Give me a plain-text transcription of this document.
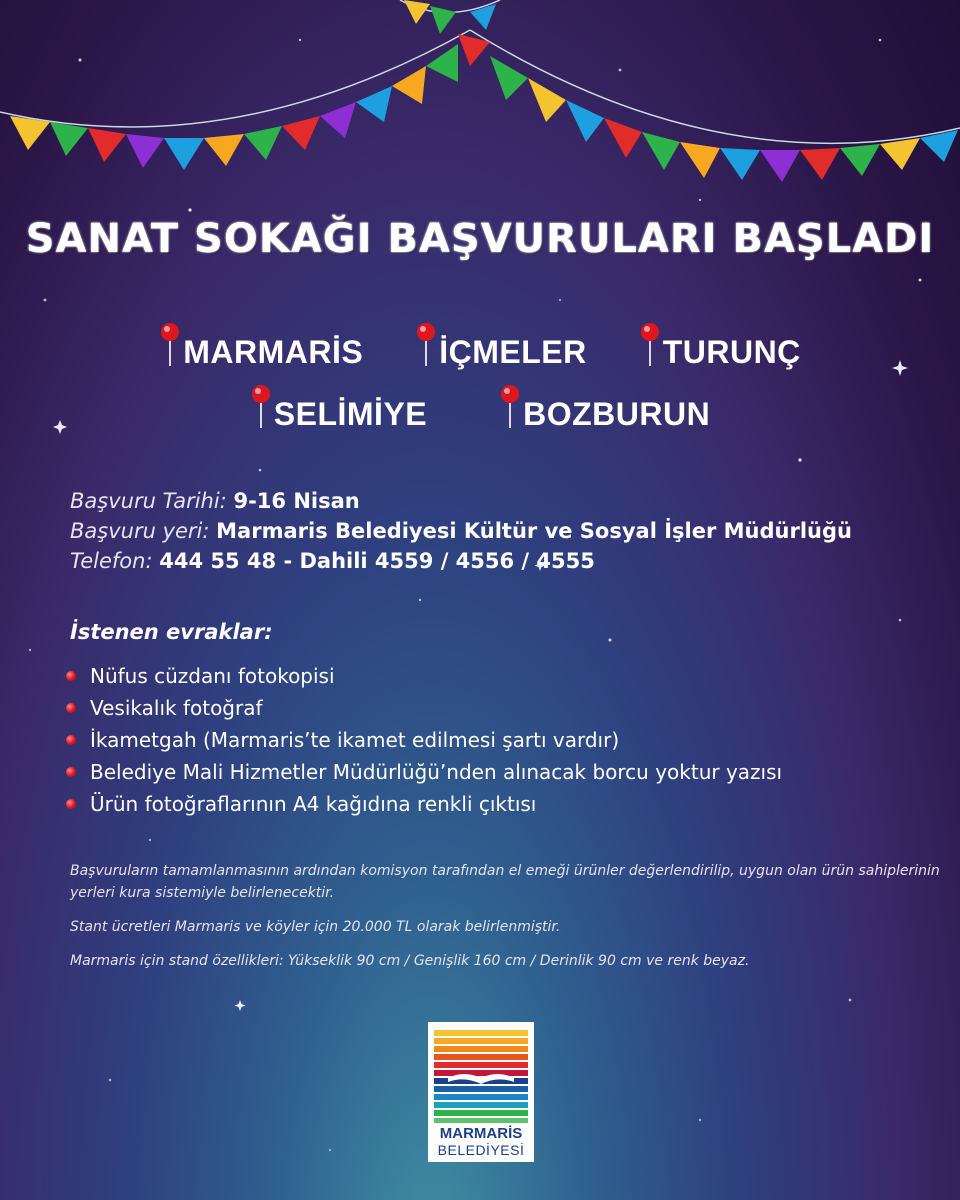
SANAT SOKAĞI BAŞVURULARI BAŞLADI
MARMARİS İÇMELER TURUNÇ
SELİMİYE	BOZBURUN
Başvuru Tarihi: 9-16 Nisan
Başvuru yeri: Marmaris Belediyesi Kültür ve Sosyal İşler Müdürlüğü
Telefon: 444 55 48 - Dahili 4559 / 4556 / 4555
İstenen evraklar:
Nüfus cüzdanı fotokopisi
Vesikalık fotoğraf
İkametgah (Marmaris’te ikamet edilmesi şartı vardır)
Belediye Mali Hizmetler Müdürlüğü’nden alınacak borcu yoktur yazısı
Ürün fotoğraflarının A4 kağıdına renkli çıktısı
Başvuruların tamamlanmasının ardından komisyon tarafından el emeği ürünler değerlendirilip, uygun olan ürün sahiplerinin yerleri kura sistemiyle belirlenecektir.
Stant ücretleri Marmaris ve köyler için 20.000 TL olarak belirlenmiştir.
Marmaris için stand özellikleri: Yükseklik 90 cm / Genişlik 160 cm / Derinlik 90 cm ve renk beyaz.
MARMARİS
BELEDİYESİ
